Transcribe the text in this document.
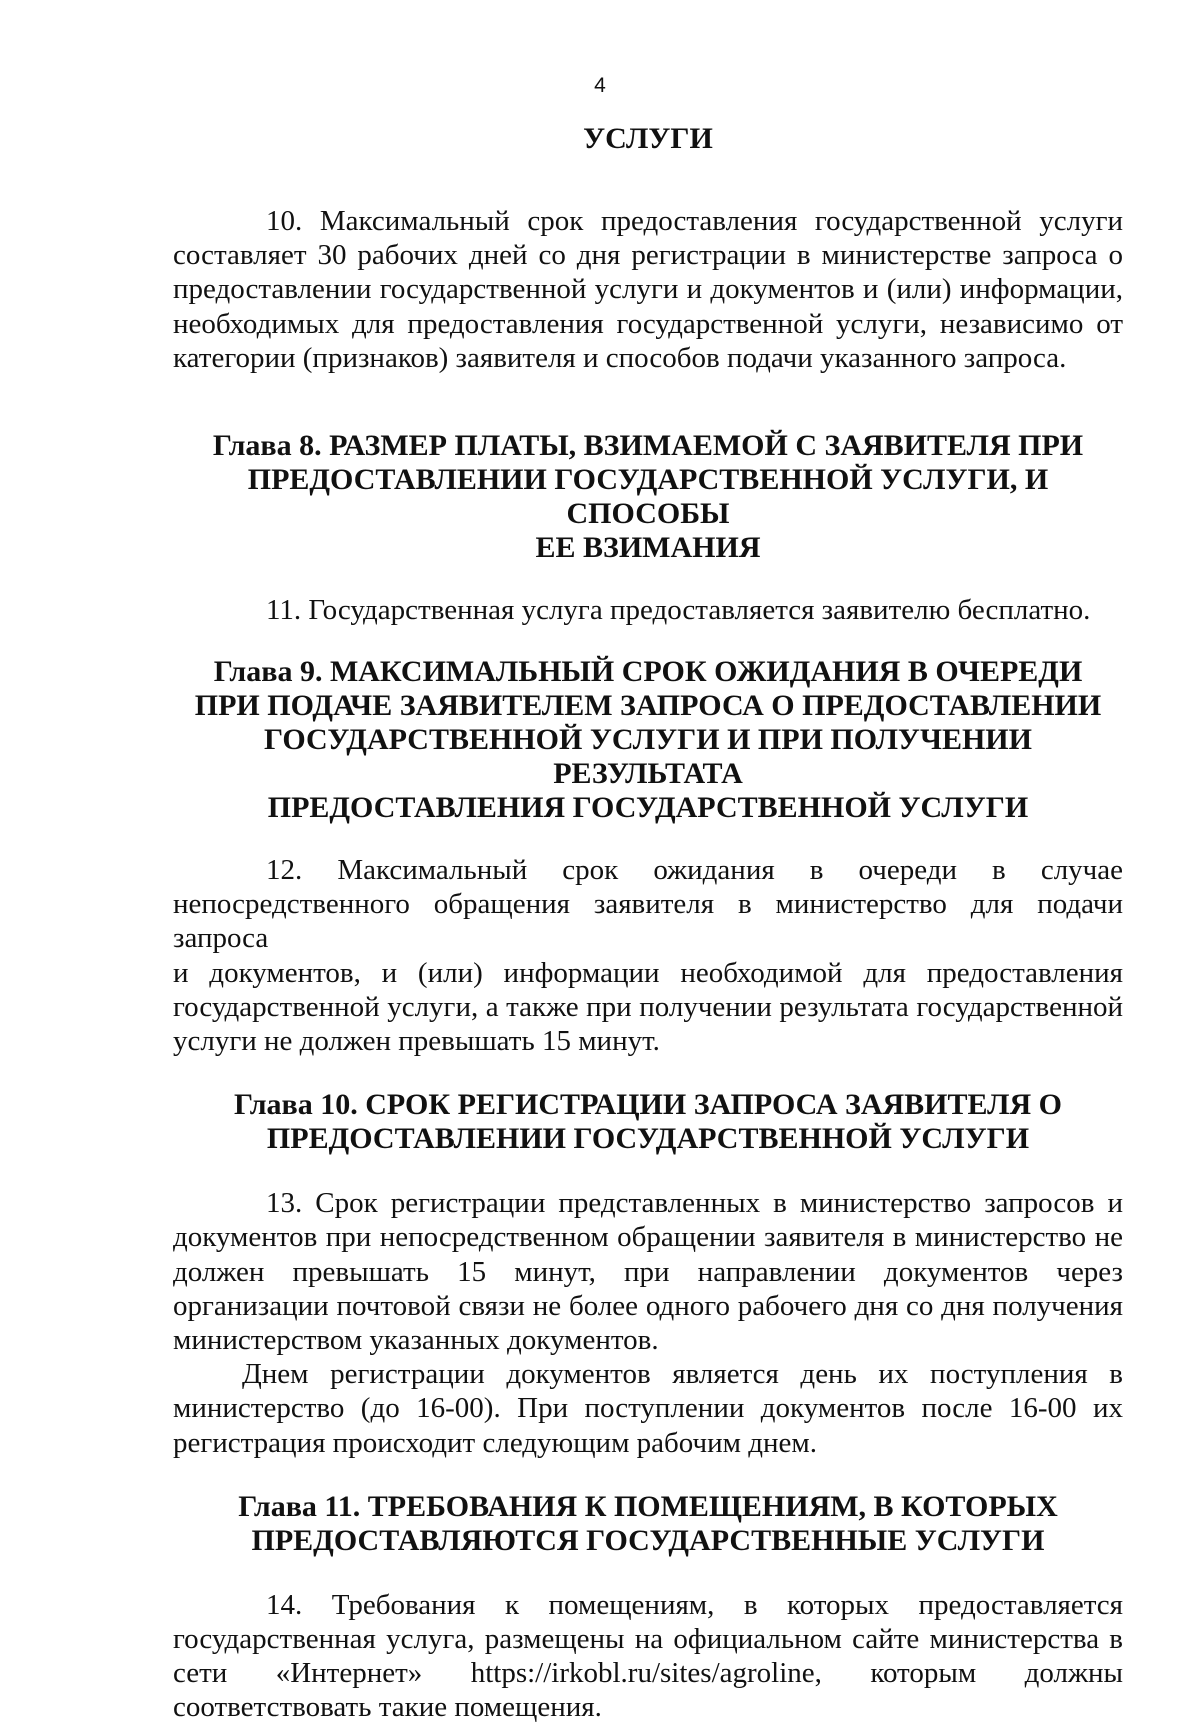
4
УСЛУГИ
10. Максимальный срок предоставления государственной услуги
составляет 30 рабочих дней со дня регистрации в министерстве запроса о
предоставлении государственной услуги и документов и (или) информации,
необходимых для предоставления государственной услуги, независимо от
категории (признаков) заявителя и способов подачи указанного запроса.
Глава 8. РАЗМЕР ПЛАТЫ, ВЗИМАЕМОЙ С ЗАЯВИТЕЛЯ ПРИ
ПРЕДОСТАВЛЕНИИ ГОСУДАРСТВЕННОЙ УСЛУГИ, И СПОСОБЫ
ЕЕ ВЗИМАНИЯ
11. Государственная услуга предоставляется заявителю бесплатно.
Глава 9. МАКСИМАЛЬНЫЙ СРОК ОЖИДАНИЯ В ОЧЕРЕДИ
ПРИ ПОДАЧЕ ЗАЯВИТЕЛЕМ ЗАПРОСА О ПРЕДОСТАВЛЕНИИ
ГОСУДАРСТВЕННОЙ УСЛУГИ И ПРИ ПОЛУЧЕНИИ РЕЗУЛЬТАТА
ПРЕДОСТАВЛЕНИЯ ГОСУДАРСТВЕННОЙ УСЛУГИ
12. Максимальный срок ожидания в очереди в случае
непосредственного обращения заявителя в министерство для подачи запроса
и документов, и (или) информации необходимой для предоставления
государственной услуги, а также при получении результата государственной
услуги не должен превышать 15 минут.
Глава 10. СРОК РЕГИСТРАЦИИ ЗАПРОСА ЗАЯВИТЕЛЯ О
ПРЕДОСТАВЛЕНИИ ГОСУДАРСТВЕННОЙ УСЛУГИ
13. Срок регистрации представленных в министерство запросов и
документов при непосредственном обращении заявителя в министерство не
должен превышать 15 минут, при направлении документов через
организации почтовой связи не более одного рабочего дня со дня получения
министерством указанных документов.
Днем регистрации документов является день их поступления в
министерство (до 16-00). При поступлении документов после 16-00 их
регистрация происходит следующим рабочим днем.
Глава 11. ТРЕБОВАНИЯ К ПОМЕЩЕНИЯМ, В КОТОРЫХ
ПРЕДОСТАВЛЯЮТСЯ ГОСУДАРСТВЕННЫЕ УСЛУГИ
14. Требования к помещениям, в которых предоставляется
государственная услуга, размещены на официальном сайте министерства в
сети «Интернет» https://irkobl.ru/sites/agroline, которым должны
соответствовать такие помещения.
